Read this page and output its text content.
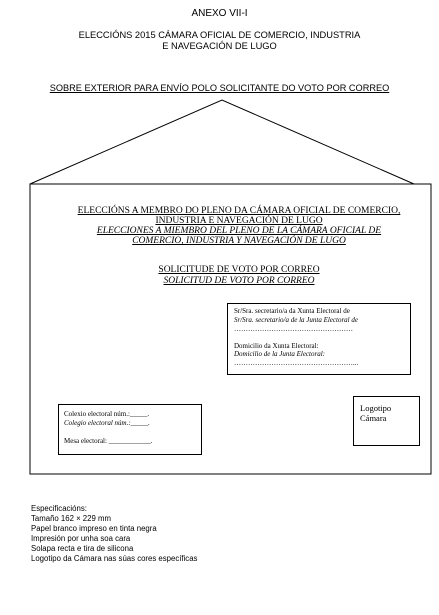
ANEXO VII-I
ELECCIÓNS 2015 CÁMARA OFICIAL DE COMERCIO, INDUSTRIA
E NAVEGACIÓN DE LUGO
SOBRE EXTERIOR PARA ENVÍO POLO SOLICITANTE DO VOTO POR CORREO
ELECCIÓNS A MEMBRO DO PLENO DA CÁMARA OFICIAL DE COMERCIO,
INDUSTRIA E NAVEGACIÓN DE LUGO
ELECCIONES A MIEMBRO DEL PLENO DE LA CÁMARA OFICIAL DE
COMERCIO, INDUSTRIA Y NAVEGACIÓN DE LUGO
SOLICITUDE DE VOTO POR CORREO
SOLICITUD DE VOTO POR CORREO
Sr/Sra. secretario/a da Xunta Electoral de
Sr/Sra. secretario/a de la Junta Electoral de
……………………………………………
Domicilio da Xunta Electoral:
Domicilio de la Junta Electoral:
……………………………………………...
Colexio electoral núm.:_____.
Colegio electoral núm.:_____.
Mesa electoral: ____________.
Logotipo
Cámara
Especificacións:
Tamaño 162 × 229 mm
Papel branco impreso en tinta negra
Impresión por unha soa cara
Solapa recta e tira de silicona
Logotipo da Cámara nas súas cores específicas
